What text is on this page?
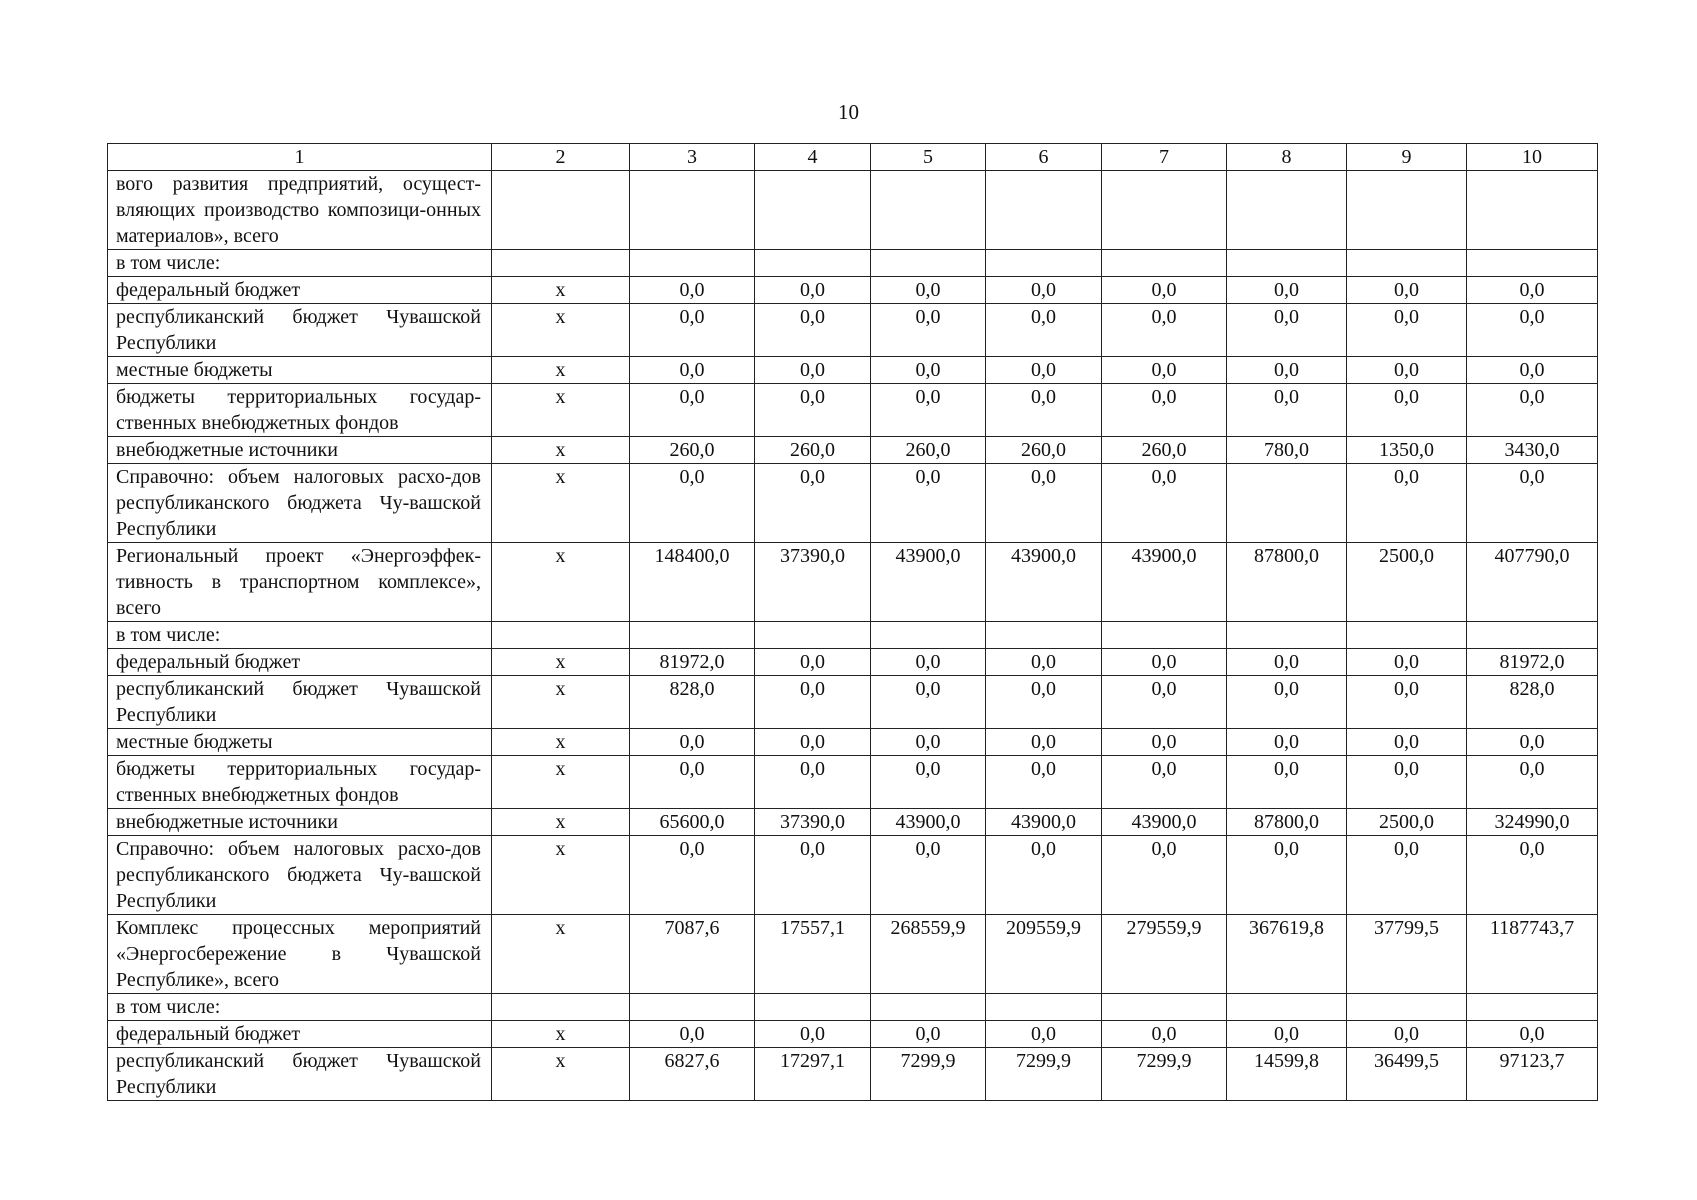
10
1	2	3	4	5	6	7	8	9	10
вого развития предприятий, осущест-вляющих производство композици-онных материалов», всего									
в том числе:									
федеральный бюджет	х	0,0	0,0	0,0	0,0	0,0	0,0	0,0	0,0
республиканский бюджет Чувашской Республики	х	0,0	0,0	0,0	0,0	0,0	0,0	0,0	0,0
местные бюджеты	х	0,0	0,0	0,0	0,0	0,0	0,0	0,0	0,0
бюджеты территориальных государ-ственных внебюджетных фондов	х	0,0	0,0	0,0	0,0	0,0	0,0	0,0	0,0
внебюджетные источники	х	260,0	260,0	260,0	260,0	260,0	780,0	1350,0	3430,0
Справочно: объем налоговых расхо-дов республиканского бюджета Чу-вашской Республики	х	0,0	0,0	0,0	0,0	0,0		0,0	0,0
Региональный проект «Энергоэффек-тивность в транспортном комплексе», всего	х	148400,0	37390,0	43900,0	43900,0	43900,0	87800,0	2500,0	407790,0
в том числе:									
федеральный бюджет	х	81972,0	0,0	0,0	0,0	0,0	0,0	0,0	81972,0
республиканский бюджет Чувашской Республики	х	828,0	0,0	0,0	0,0	0,0	0,0	0,0	828,0
местные бюджеты	х	0,0	0,0	0,0	0,0	0,0	0,0	0,0	0,0
бюджеты территориальных государ-ственных внебюджетных фондов	х	0,0	0,0	0,0	0,0	0,0	0,0	0,0	0,0
внебюджетные источники	х	65600,0	37390,0	43900,0	43900,0	43900,0	87800,0	2500,0	324990,0
Справочно: объем налоговых расхо-дов республиканского бюджета Чу-вашской Республики	х	0,0	0,0	0,0	0,0	0,0	0,0	0,0	0,0
Комплекс процессных мероприятий «Энергосбережение в Чувашской Республике», всего	х	7087,6	17557,1	268559,9	209559,9	279559,9	367619,8	37799,5	1187743,7
в том числе:									
федеральный бюджет	х	0,0	0,0	0,0	0,0	0,0	0,0	0,0	0,0
республиканский бюджет Чувашской Республики	х	6827,6	17297,1	7299,9	7299,9	7299,9	14599,8	36499,5	97123,7
